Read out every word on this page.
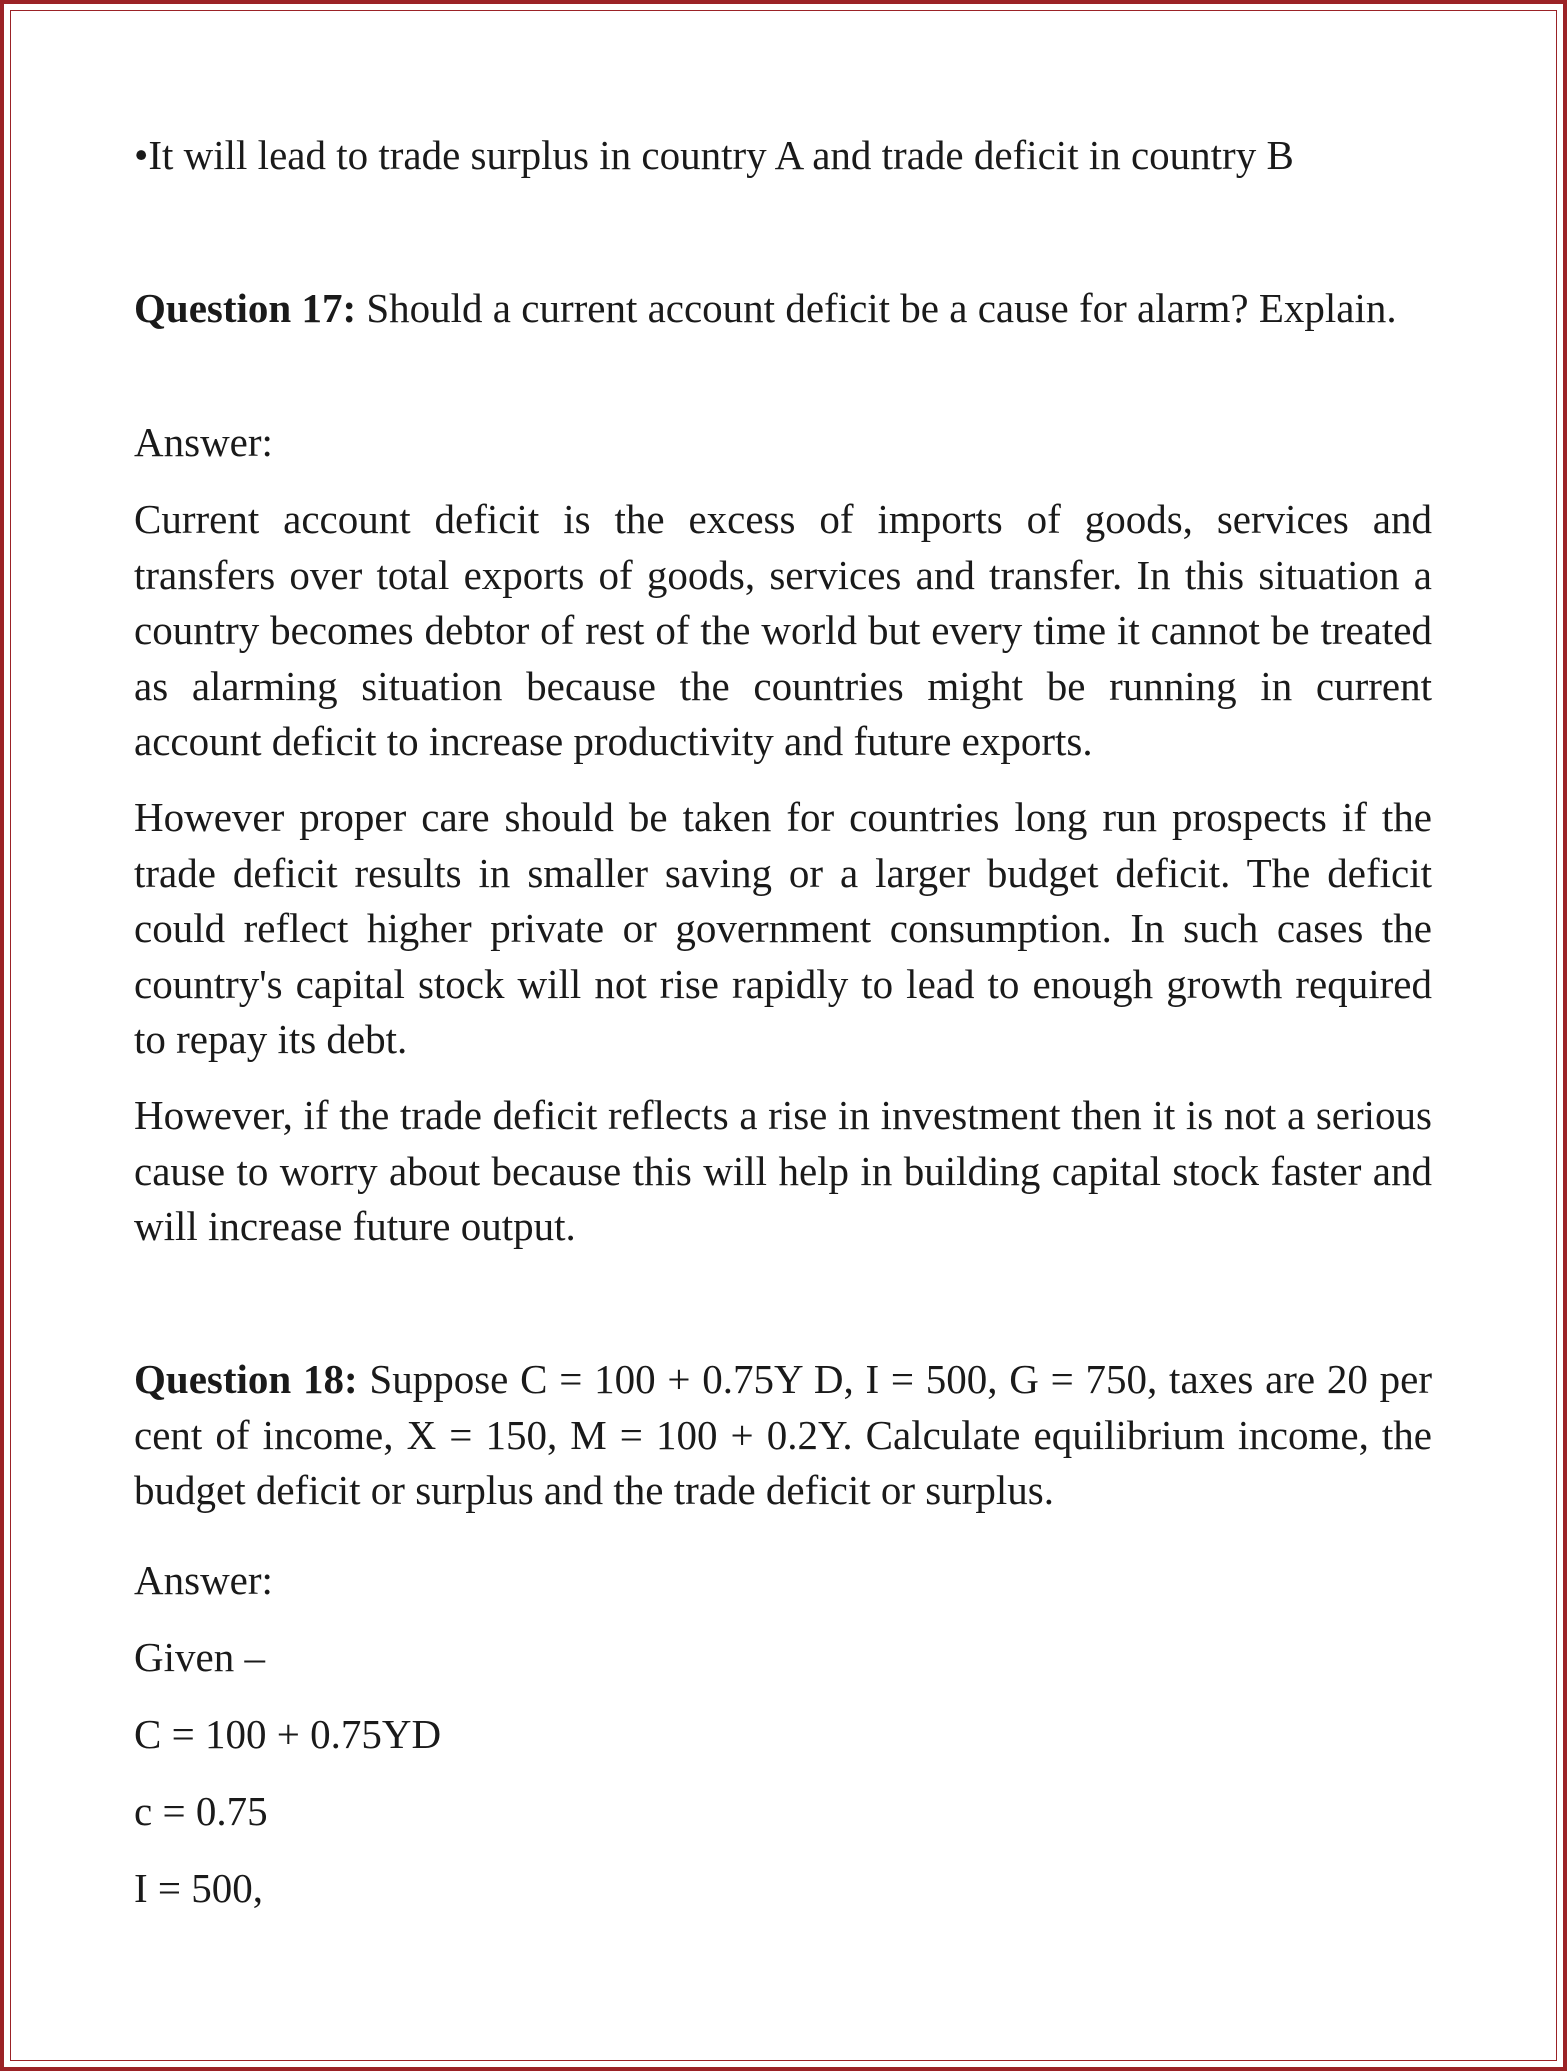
•It will lead to trade surplus in country A and trade deficit in country B

Question 17: Should a current account deficit be a cause for alarm? Explain.

Answer:

Current account deficit is the excess of imports of goods, services and transfers over total exports of goods, services and transfer. In this situation a country becomes debtor of rest of the world but every time it cannot be treated as alarming situation because the countries might be running in current account deficit to increase productivity and future exports.

However proper care should be taken for countries long run prospects if the trade deficit results in smaller saving or a larger budget deficit. The deficit could reflect higher private or government consumption. In such cases the country's capital stock will not rise rapidly to lead to enough growth required to repay its debt.

However, if the trade deficit reflects a rise in investment then it is not a serious cause to worry about because this will help in building capital stock faster and will increase future output.

Question 18: Suppose C = 100 + 0.75Y D, I = 500, G = 750, taxes are 20 per cent of income, X = 150, M = 100 + 0.2Y. Calculate equilibrium income, the budget deficit or surplus and the trade deficit or surplus.

Answer:

Given –

C = 100 + 0.75YD

c = 0.75

I = 500,
